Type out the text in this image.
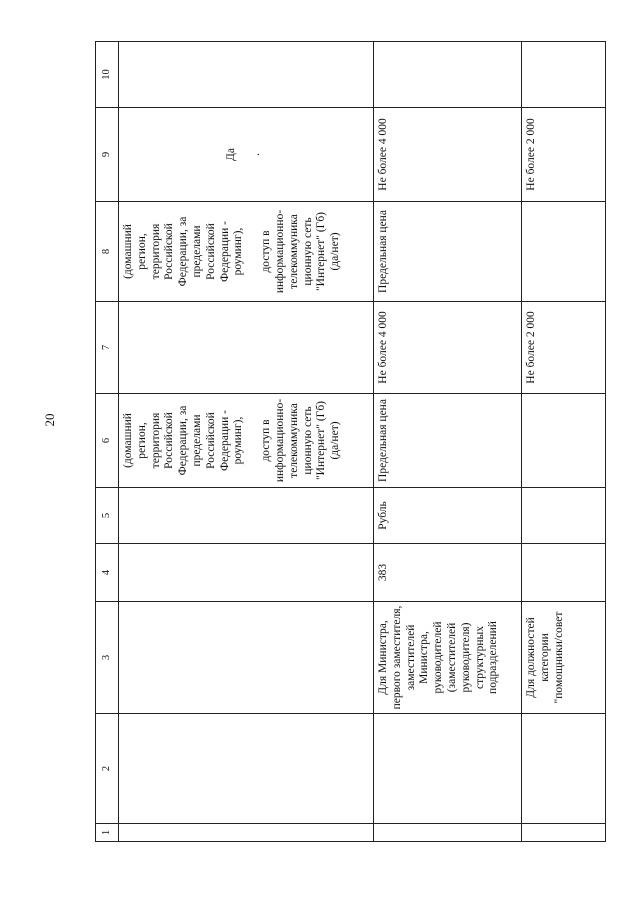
20
1	2	3	4	5	6	7	8	9	10
					(домашний регион, территория Российской Федерации, за пределами Российской Федерации - роуминг), доступ в информационно-телекоммуника ционную сеть "Интернет" (Гб) (да/нет)		(домашний регион, территория Российской Федерации, за пределами Российской Федерации - роуминг), доступ в информационно-телекоммуника ционную сеть "Интернет" (Гб) (да/нет)	Да ·	
		Для Министра, первого заместителя, заместителей Министра, руководителей (заместителей руководителя) структурных подразделений	383	Рубль	Предельная цена	Не более 4 000	Предельная цена	Не более 4 000	
		Для должностей категории "помощники/совет				Не более 2 000		Не более 2 000	
